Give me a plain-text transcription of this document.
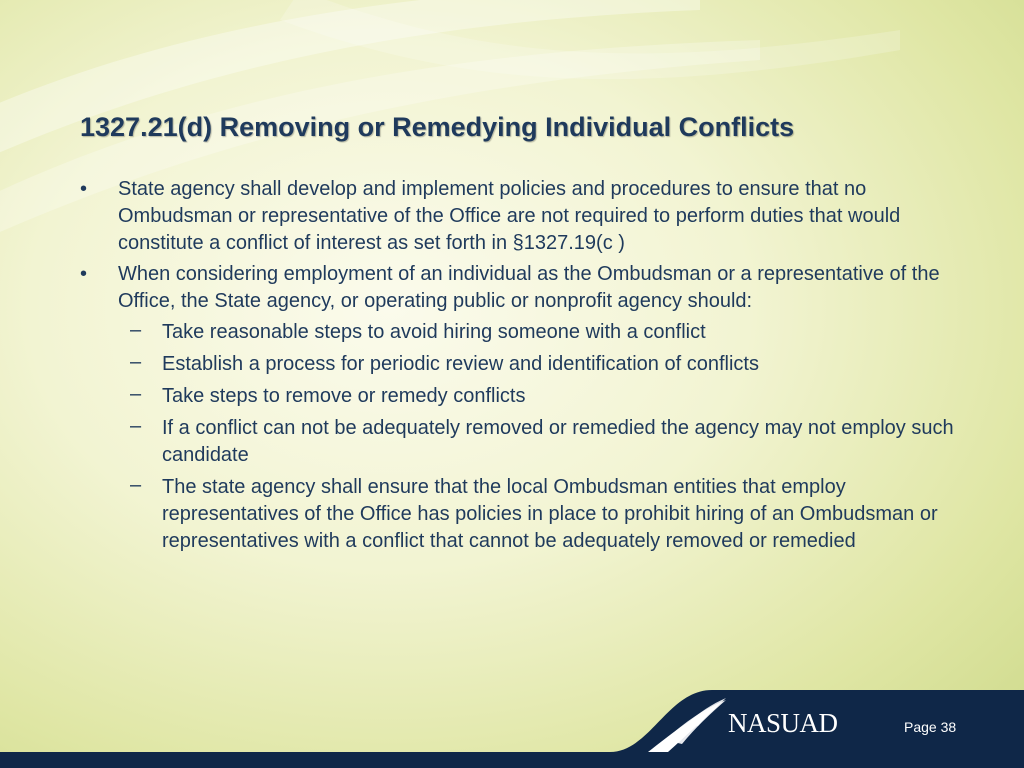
1327.21(d) Removing or Remedying Individual Conflicts
• State agency shall develop and implement policies and procedures to ensure that no Ombudsman or representative of the Office are not required to perform duties that would constitute a conflict of interest as set forth in §1327.19(c )
• When considering employment of an individual as the Ombudsman or a representative of the Office, the State agency, or operating public or nonprofit agency should:
– Take reasonable steps to avoid hiring someone with a conflict
– Establish a process for periodic review and identification of conflicts
– Take steps to remove or remedy conflicts
– If a conflict can not be adequately removed or remedied the agency may not employ such candidate
– The state agency shall ensure that the local Ombudsman entities that employ representatives of the Office has policies in place to prohibit hiring of an Ombudsman or representatives with a conflict that cannot be adequately removed or remedied
NASUAD	Page 38
